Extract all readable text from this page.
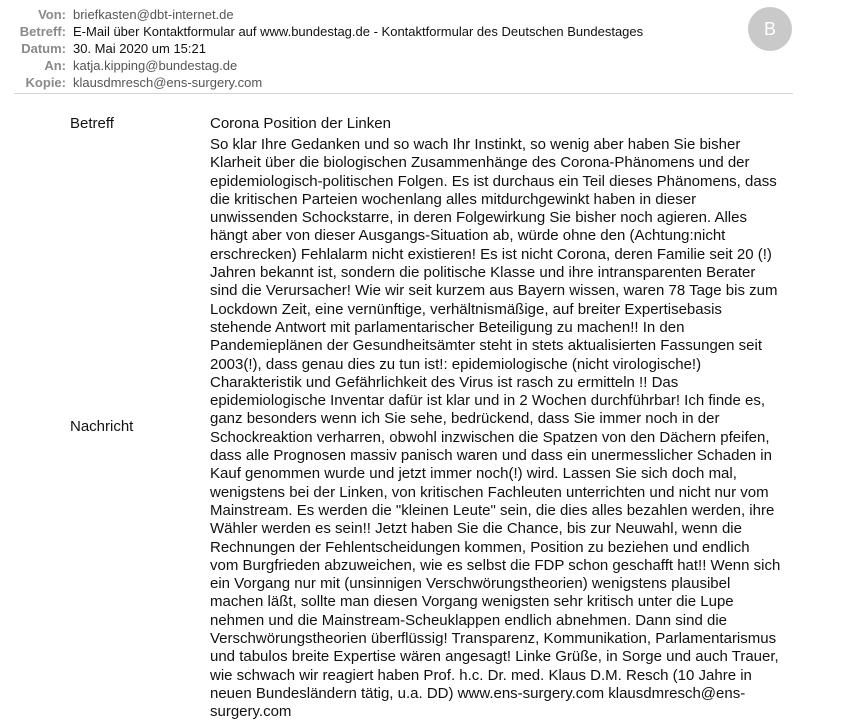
Von: briefkasten@dbt-internet.de
Betreff: E-Mail über Kontaktformular auf www.bundestag.de - Kontaktformular des Deutschen Bundestages
Datum: 30. Mai 2020 um 15:21
An: katja.kipping@bundestag.de
Kopie: klausdmresch@ens-surgery.com
B
Betreff	Corona Position der Linken
Nachricht
So klar Ihre Gedanken und so wach Ihr Instinkt, so wenig aber haben Sie bisher
Klarheit über die biologischen Zusammenhänge des Corona-Phänomens und der
epidemiologisch-politischen Folgen. Es ist durchaus ein Teil dieses Phänomens, dass
die kritischen Parteien wochenlang alles mitdurchgewinkt haben in dieser
unwissenden Schockstarre, in deren Folgewirkung Sie bisher noch agieren. Alles
hängt aber von dieser Ausgangs-Situation ab, würde ohne den (Achtung:nicht
erschrecken) Fehlalarm nicht existieren! Es ist nicht Corona, deren Familie seit 20 (!)
Jahren bekannt ist, sondern die politische Klasse und ihre intransparenten Berater
sind die Verursacher! Wie wir seit kurzem aus Bayern wissen, waren 78 Tage bis zum
Lockdown Zeit, eine vernünftige, verhältnismäßige, auf breiter Expertisebasis
stehende Antwort mit parlamentarischer Beteiligung zu machen!! In den
Pandemieplänen der Gesundheitsämter steht in stets aktualisierten Fassungen seit
2003(!), dass genau dies zu tun ist!: epidemiologische (nicht virologische!)
Charakteristik und Gefährlichkeit des Virus ist rasch zu ermitteln !! Das
epidemiologische Inventar dafür ist klar und in 2 Wochen durchführbar! Ich finde es,
ganz besonders wenn ich Sie sehe, bedrückend, dass Sie immer noch in der
Schockreaktion verharren, obwohl inzwischen die Spatzen von den Dächern pfeifen,
dass alle Prognosen massiv panisch waren und dass ein unermesslicher Schaden in
Kauf genommen wurde und jetzt immer noch(!) wird. Lassen Sie sich doch mal,
wenigstens bei der Linken, von kritischen Fachleuten unterrichten und nicht nur vom
Mainstream. Es werden die "kleinen Leute" sein, die dies alles bezahlen werden, ihre
Wähler werden es sein!! Jetzt haben Sie die Chance, bis zur Neuwahl, wenn die
Rechnungen der Fehlentscheidungen kommen, Position zu beziehen und endlich
vom Burgfrieden abzuweichen, wie es selbst die FDP schon geschafft hat!! Wenn sich
ein Vorgang nur mit (unsinnigen Verschwörungstheorien) wenigstens plausibel
machen läßt, sollte man diesen Vorgang wenigsten sehr kritisch unter die Lupe
nehmen und die Mainstream-Scheuklappen endlich abnehmen. Dann sind die
Verschwörungstheorien überflüssig! Transparenz, Kommunikation, Parlamentarismus
und tabulos breite Expertise wären angesagt! Linke Grüße, in Sorge und auch Trauer,
wie schwach wir reagiert haben Prof. h.c. Dr. med. Klaus D.M. Resch (10 Jahre in
neuen Bundesländern tätig, u.a. DD) www.ens-surgery.com klausdmresch@ens-
surgery.com
